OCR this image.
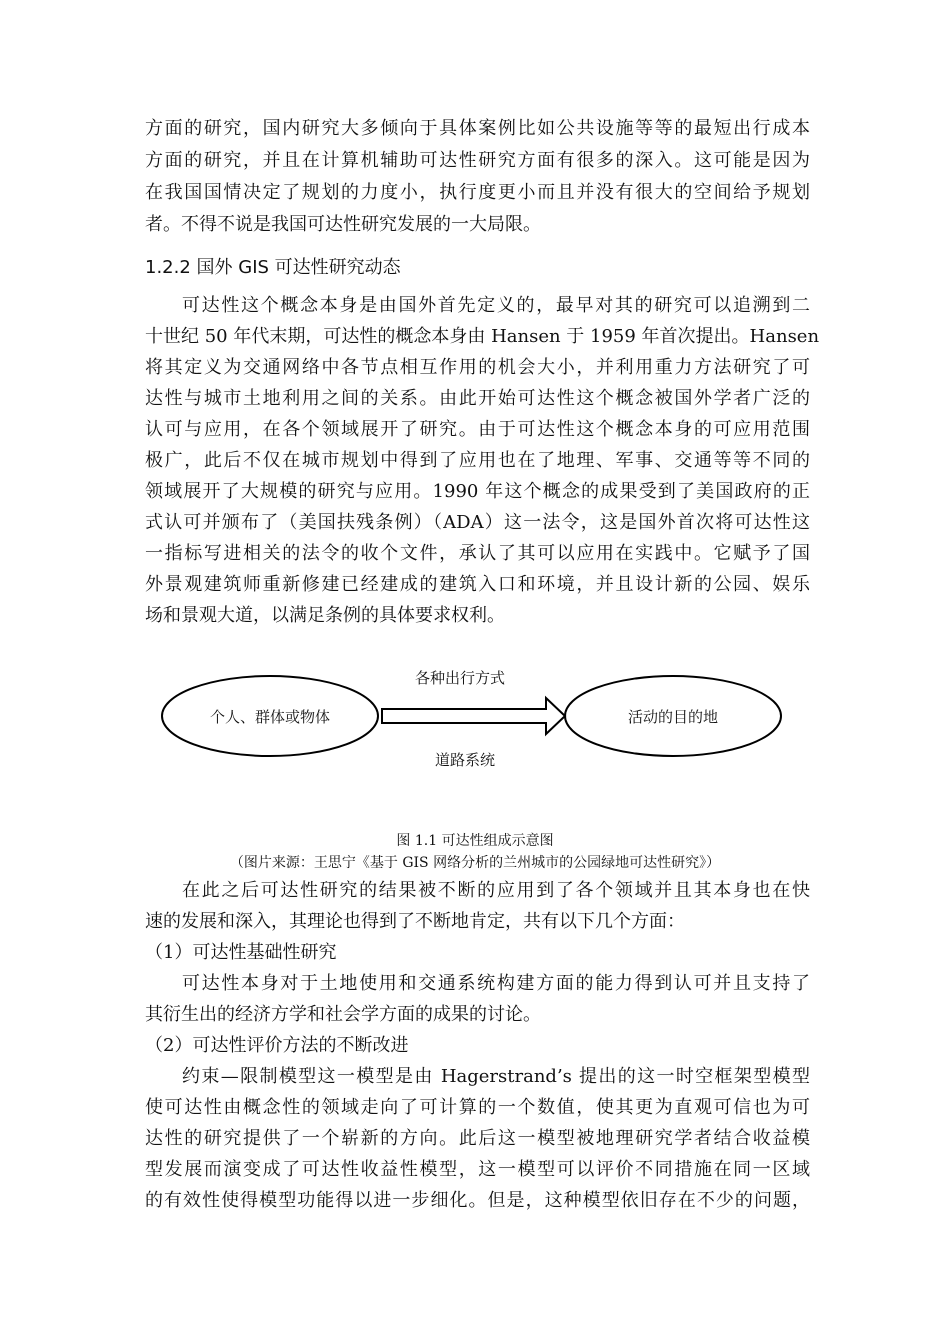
方面的研究，国内研究大多倾向于具体案例比如公共设施等等的最短出行成本
方面的研究，并且在计算机辅助可达性研究方面有很多的深入。这可能是因为
在我国国情决定了规划的力度小，执行度更小而且并没有很大的空间给予规划
者。不得不说是我国可达性研究发展的一大局限。
1.2.2 国外 GIS 可达性研究动态
可达性这个概念本身是由国外首先定义的，最早对其的研究可以追溯到二
十世纪 50 年代末期，可达性的概念本身由 Hansen 于 1959 年首次提出。Hansen
将其定义为交通网络中各节点相互作用的机会大小，并利用重力方法研究了可
达性与城市土地利用之间的关系。由此开始可达性这个概念被国外学者广泛的
认可与应用，在各个领域展开了研究。由于可达性这个概念本身的可应用范围
极广，此后不仅在城市规划中得到了应用也在了地理、军事、交通等等不同的
领域展开了大规模的研究与应用。1990 年这个概念的成果受到了美国政府的正
式认可并颁布了（美国扶残条例）（ADA）这一法令，这是国外首次将可达性这
一指标写进相关的法令的收个文件，承认了其可以应用在实践中。它赋予了国
外景观建筑师重新修建已经建成的建筑入口和环境，并且设计新的公园、娱乐
场和景观大道，以满足条例的具体要求权利。
个人、群体或物体	活动的目的地
各种出行方式
道路系统
图 1.1 可达性组成示意图
（图片来源：王思宁《基于 GIS 网络分析的兰州城市的公园绿地可达性研究》）
在此之后可达性研究的结果被不断的应用到了各个领域并且其本身也在快
速的发展和深入，其理论也得到了不断地肯定，共有以下几个方面：
（1）可达性基础性研究
可达性本身对于土地使用和交通系统构建方面的能力得到认可并且支持了
其衍生出的经济方学和社会学方面的成果的讨论。
（2）可达性评价方法的不断改进
约束—限制模型这一模型是由 Hagerstrand’s 提出的这一时空框架型模型
使可达性由概念性的领域走向了可计算的一个数值，使其更为直观可信也为可
达性的研究提供了一个崭新的方向。此后这一模型被地理研究学者结合收益模
型发展而演变成了可达性收益性模型，这一模型可以评价不同措施在同一区域
的有效性使得模型功能得以进一步细化。但是，这种模型依旧存在不少的问题，
